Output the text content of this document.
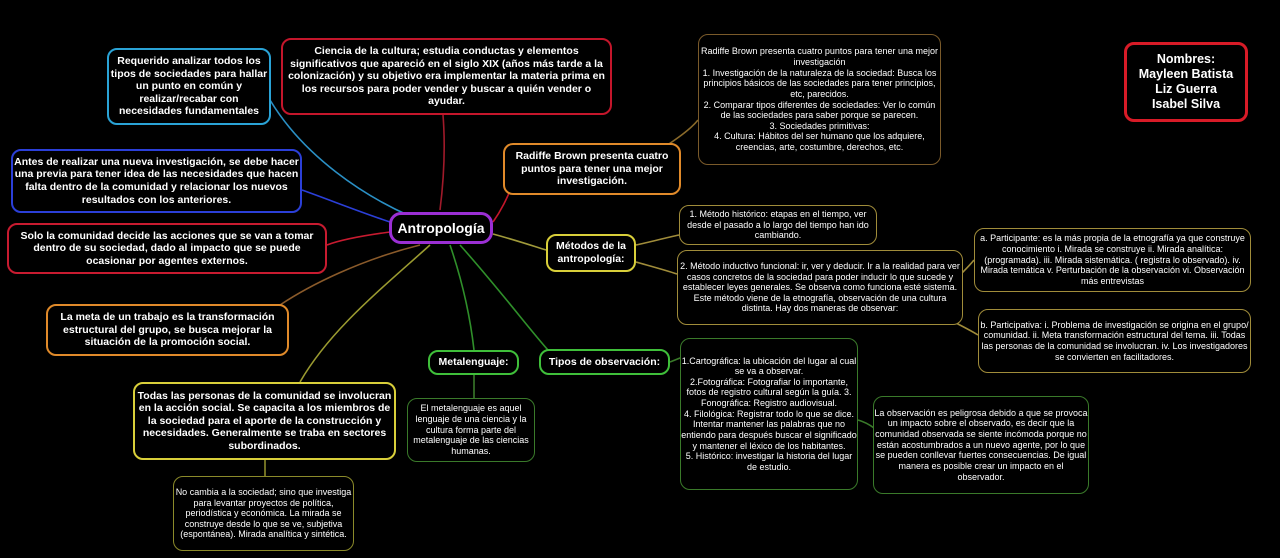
Antropología
Nombres:
Mayleen Batista
Liz Guerra
Isabel Silva
Requerido analizar todos los tipos de sociedades para hallar un punto en común y realizar/recabar con necesidades fundamentales
Ciencia de la cultura; estudia conductas y elementos significativos que apareció en el siglo XIX (años más tarde a la colonización) y su objetivo era implementar la materia prima en los recursos para poder vender y buscar a quién vender o ayudar.
Antes de realizar una nueva investigación, se debe hacer una previa para tener idea de las necesidades que hacen falta dentro de la comunidad y relacionar los nuevos resultados con los anteriores.
Solo la comunidad decide las acciones que se van a tomar dentro de su sociedad, dado al impacto que se puede ocasionar por agentes externos.
La meta de un trabajo es la transformación estructural del grupo, se busca mejorar la situación de la promoción social.
Todas las personas de la comunidad se involucran en la acción social. Se capacita a los miembros de la sociedad para el aporte de la construcción y necesidades. Generalmente se traba en sectores subordinados.
No cambia a la sociedad; sino que investiga para levantar proyectos de política, periodística y económica. La mirada se construye desde lo que se ve, subjetiva (espontánea). Mirada analítica y sintética.
Radiffe Brown presenta cuatro puntos para tener una mejor investigación.
Radiffe Brown presenta cuatro puntos para tener una mejor investigación
1. Investigación de la naturaleza de la sociedad: Busca los principios básicos de las sociedades para tener principios, etc, parecidos.
2. Comparar tipos diferentes de sociedades: Ver lo común de las sociedades para saber porque se parecen.
3. Sociedades primitivas:
4. Cultura: Hábitos del ser humano que los adquiere, creencias, arte, costumbre, derechos, etc.
Métodos de la antropología:
1. Método histórico: etapas en el tiempo, ver desde el pasado a lo largo del tiempo han ido cambiando.
2. Método inductivo funcional: ir, ver y deducir. Ir a la realidad para ver casos concretos de la sociedad para poder inducir lo que sucede y establecer leyes generales. Se observa como funciona esté sistema. Este método viene de la etnografía, observación de una cultura distinta. Hay dos maneras de observar:
a. Participante: es la más propia de la etnografía ya que construye conocimiento i. Mirada se construye ii. Mirada analítica: (programada). iii. Mirada sistemática. ( registra lo observado). iv. Mirada temática v. Perturbación de la observación vi. Observación más entrevistas
b. Participativa: i. Problema de investigación se origina en el grupo/ comunidad. ii. Meta transformación estructural del tema. iii. Todas las personas de la comunidad se involucran. iv. Los investigadores se convierten en facilitadores.
Metalenguaje:
El metalenguaje es aquel lenguaje de una ciencia y la cultura forma parte del metalenguaje de las ciencias humanas.
Tipos de observación:	1.Cartográfica: la ubicación del lugar al cual se va a observar.
2.Fotográfica: Fotografiar lo importante, fotos de registro cultural según la guía. 3. Fonográfica: Registro audiovisual.
4. Filológica: Registrar todo lo que se dice. Intentar mantener las palabras que no entiendo para después buscar el significado y mantener el léxico de los habitantes.
5. Histórico: investigar la historia del lugar de estudio.
La observación es peligrosa debido a que se provoca un impacto sobre el observado, es decir que la comunidad observada se siente incómoda porque no están acostumbrados a un nuevo agente, por lo que se pueden conllevar fuertes consecuencias. De igual manera es posible crear un impacto en el observador.
